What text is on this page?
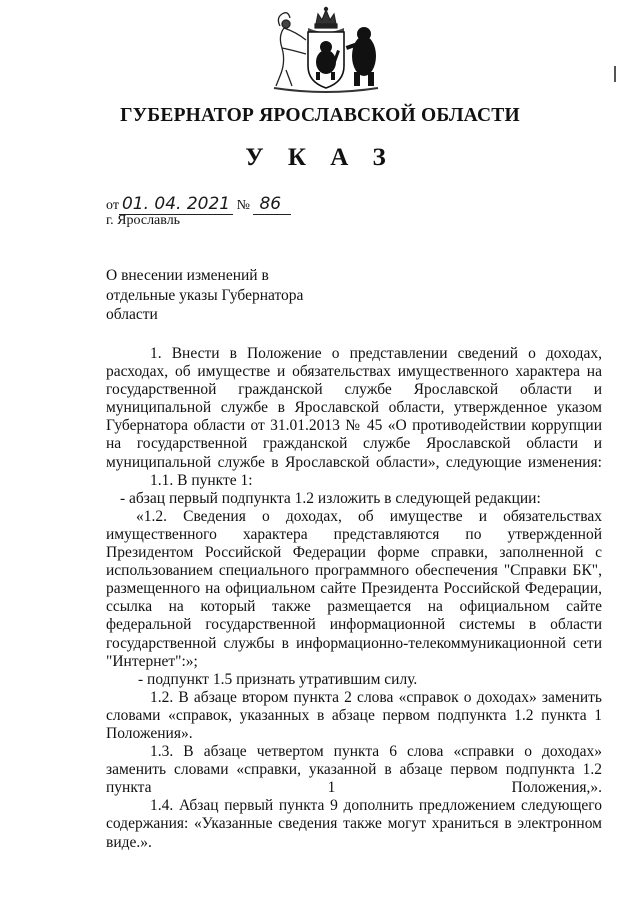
ГУБЕРНАТОР ЯРОСЛАВСКОЙ ОБЛАСТИ
У К А З
от 01. 04. 2021 № 86
г. Ярославль
О внесении изменений в отдельные указы Губернатора области

1. Внести в Положение о представлении сведений о доходах, расходах, об имуществе и обязательствах имущественного характера на государственной гражданской службе Ярославской области и муниципальной службе в Ярославской области, утвержденное указом Губернатора области от 31.01.2013 № 45 «О противодействии коррупции на государственной гражданской службе Ярославской области и муниципальной службе в Ярославской области», следующие изменения:

1.1. В пункте 1:

- абзац первый подпункта 1.2 изложить в следующей редакции:

«1.2. Сведения о доходах, об имуществе и обязательствах имущественного характера представляются по утвержденной Президентом Российской Федерации форме справки, заполненной с использованием специального программного обеспечения "Справки БК", размещенного на официальном сайте Президента Российской Федерации, ссылка на который также размещается на официальном сайте федеральной государственной информационной системы в области государственной службы в информационно-телекоммуникационной сети "Интернет":»;

- подпункт 1.5 признать утратившим силу.

1.2. В абзаце втором пункта 2 слова «справок о доходах» заменить словами «справок, указанных в абзаце первом подпункта 1.2 пункта 1 Положения».

1.3. В абзаце четвертом пункта 6 слова «справки о доходах» заменить словами «справки, указанной в абзаце первом подпункта 1.2 пункта 1 Положения,».

1.4. Абзац первый пункта 9 дополнить предложением следующего содержания: «Указанные сведения также могут храниться в электронном виде.».
